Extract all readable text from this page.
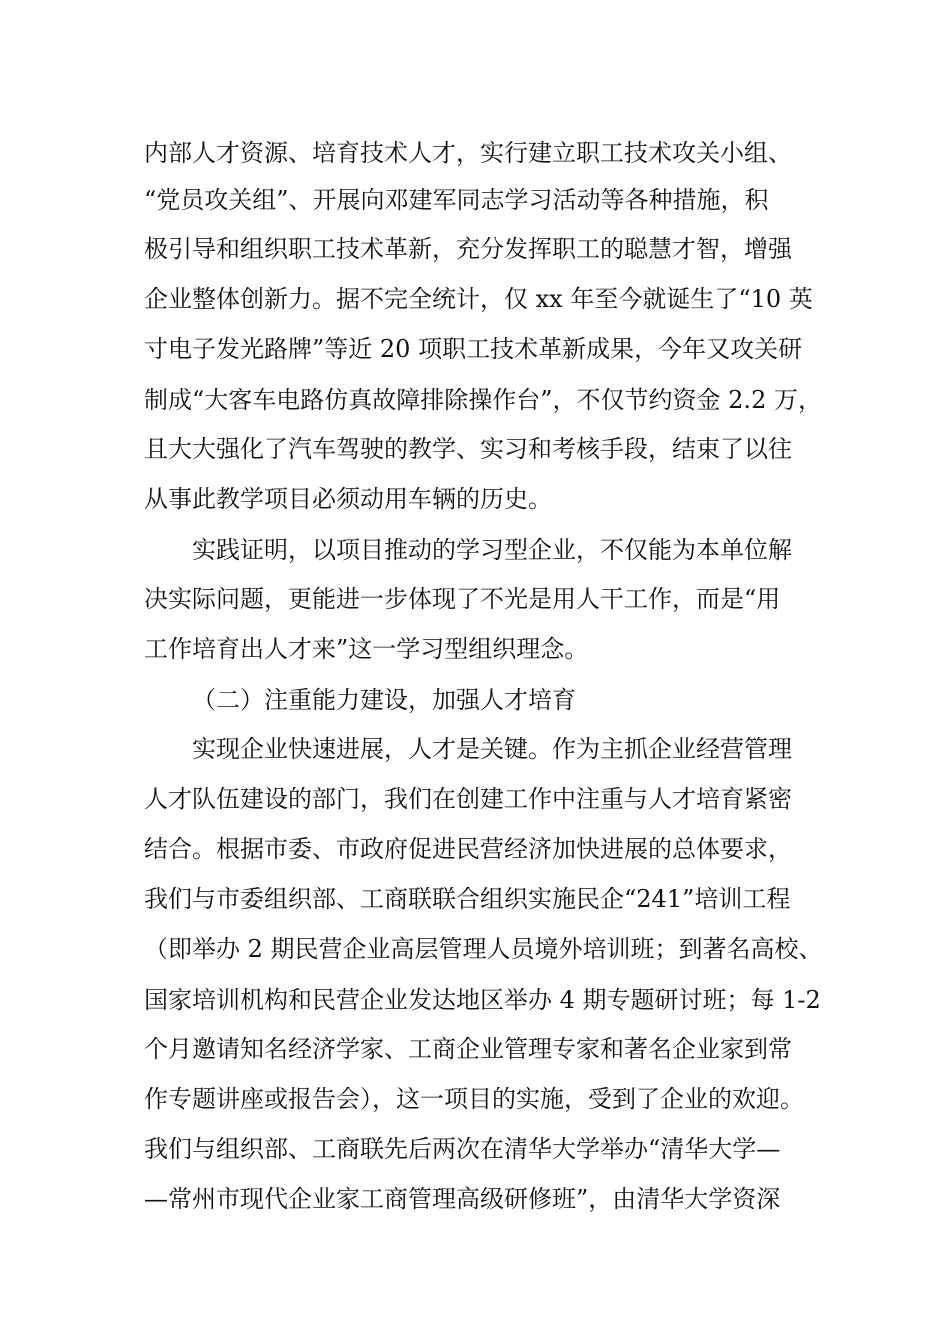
内部人才资源、培育技术人才，实行建立职工技术攻关小组、
“党员攻关组”、开展向邓建军同志学习活动等各种措施，积
极引导和组织职工技术革新，充分发挥职工的聪慧才智，增强
企业整体创新力。据不完全统计，仅 xx 年至今就诞生了“10 英
寸电子发光路牌”等近 20 项职工技术革新成果，今年又攻关研
制成“大客车电路仿真故障排除操作台”，不仅节约资金 2.2 万，
且大大强化了汽车驾驶的教学、实习和考核手段，结束了以往
从事此教学项目必须动用车辆的历史。
实践证明，以项目推动的学习型企业，不仅能为本单位解
决实际问题，更能进一步体现了不光是用人干工作，而是“用
工作培育出人才来”这一学习型组织理念。
（二）注重能力建设，加强人才培育
实现企业快速进展，人才是关键。作为主抓企业经营管理
人才队伍建设的部门，我们在创建工作中注重与人才培育紧密
结合。根据市委、市政府促进民营经济加快进展的总体要求，
我们与市委组织部、工商联联合组织实施民企“241”培训工程
（即举办 2 期民营企业高层管理人员境外培训班；到著名高校、
国家培训机构和民营企业发达地区举办 4 期专题研讨班；每 1-2
个月邀请知名经济学家、工商企业管理专家和著名企业家到常
作专题讲座或报告会），这一项目的实施，受到了企业的欢迎。
我们与组织部、工商联先后两次在清华大学举办“清华大学—
—常州市现代企业家工商管理高级研修班”，由清华大学资深
